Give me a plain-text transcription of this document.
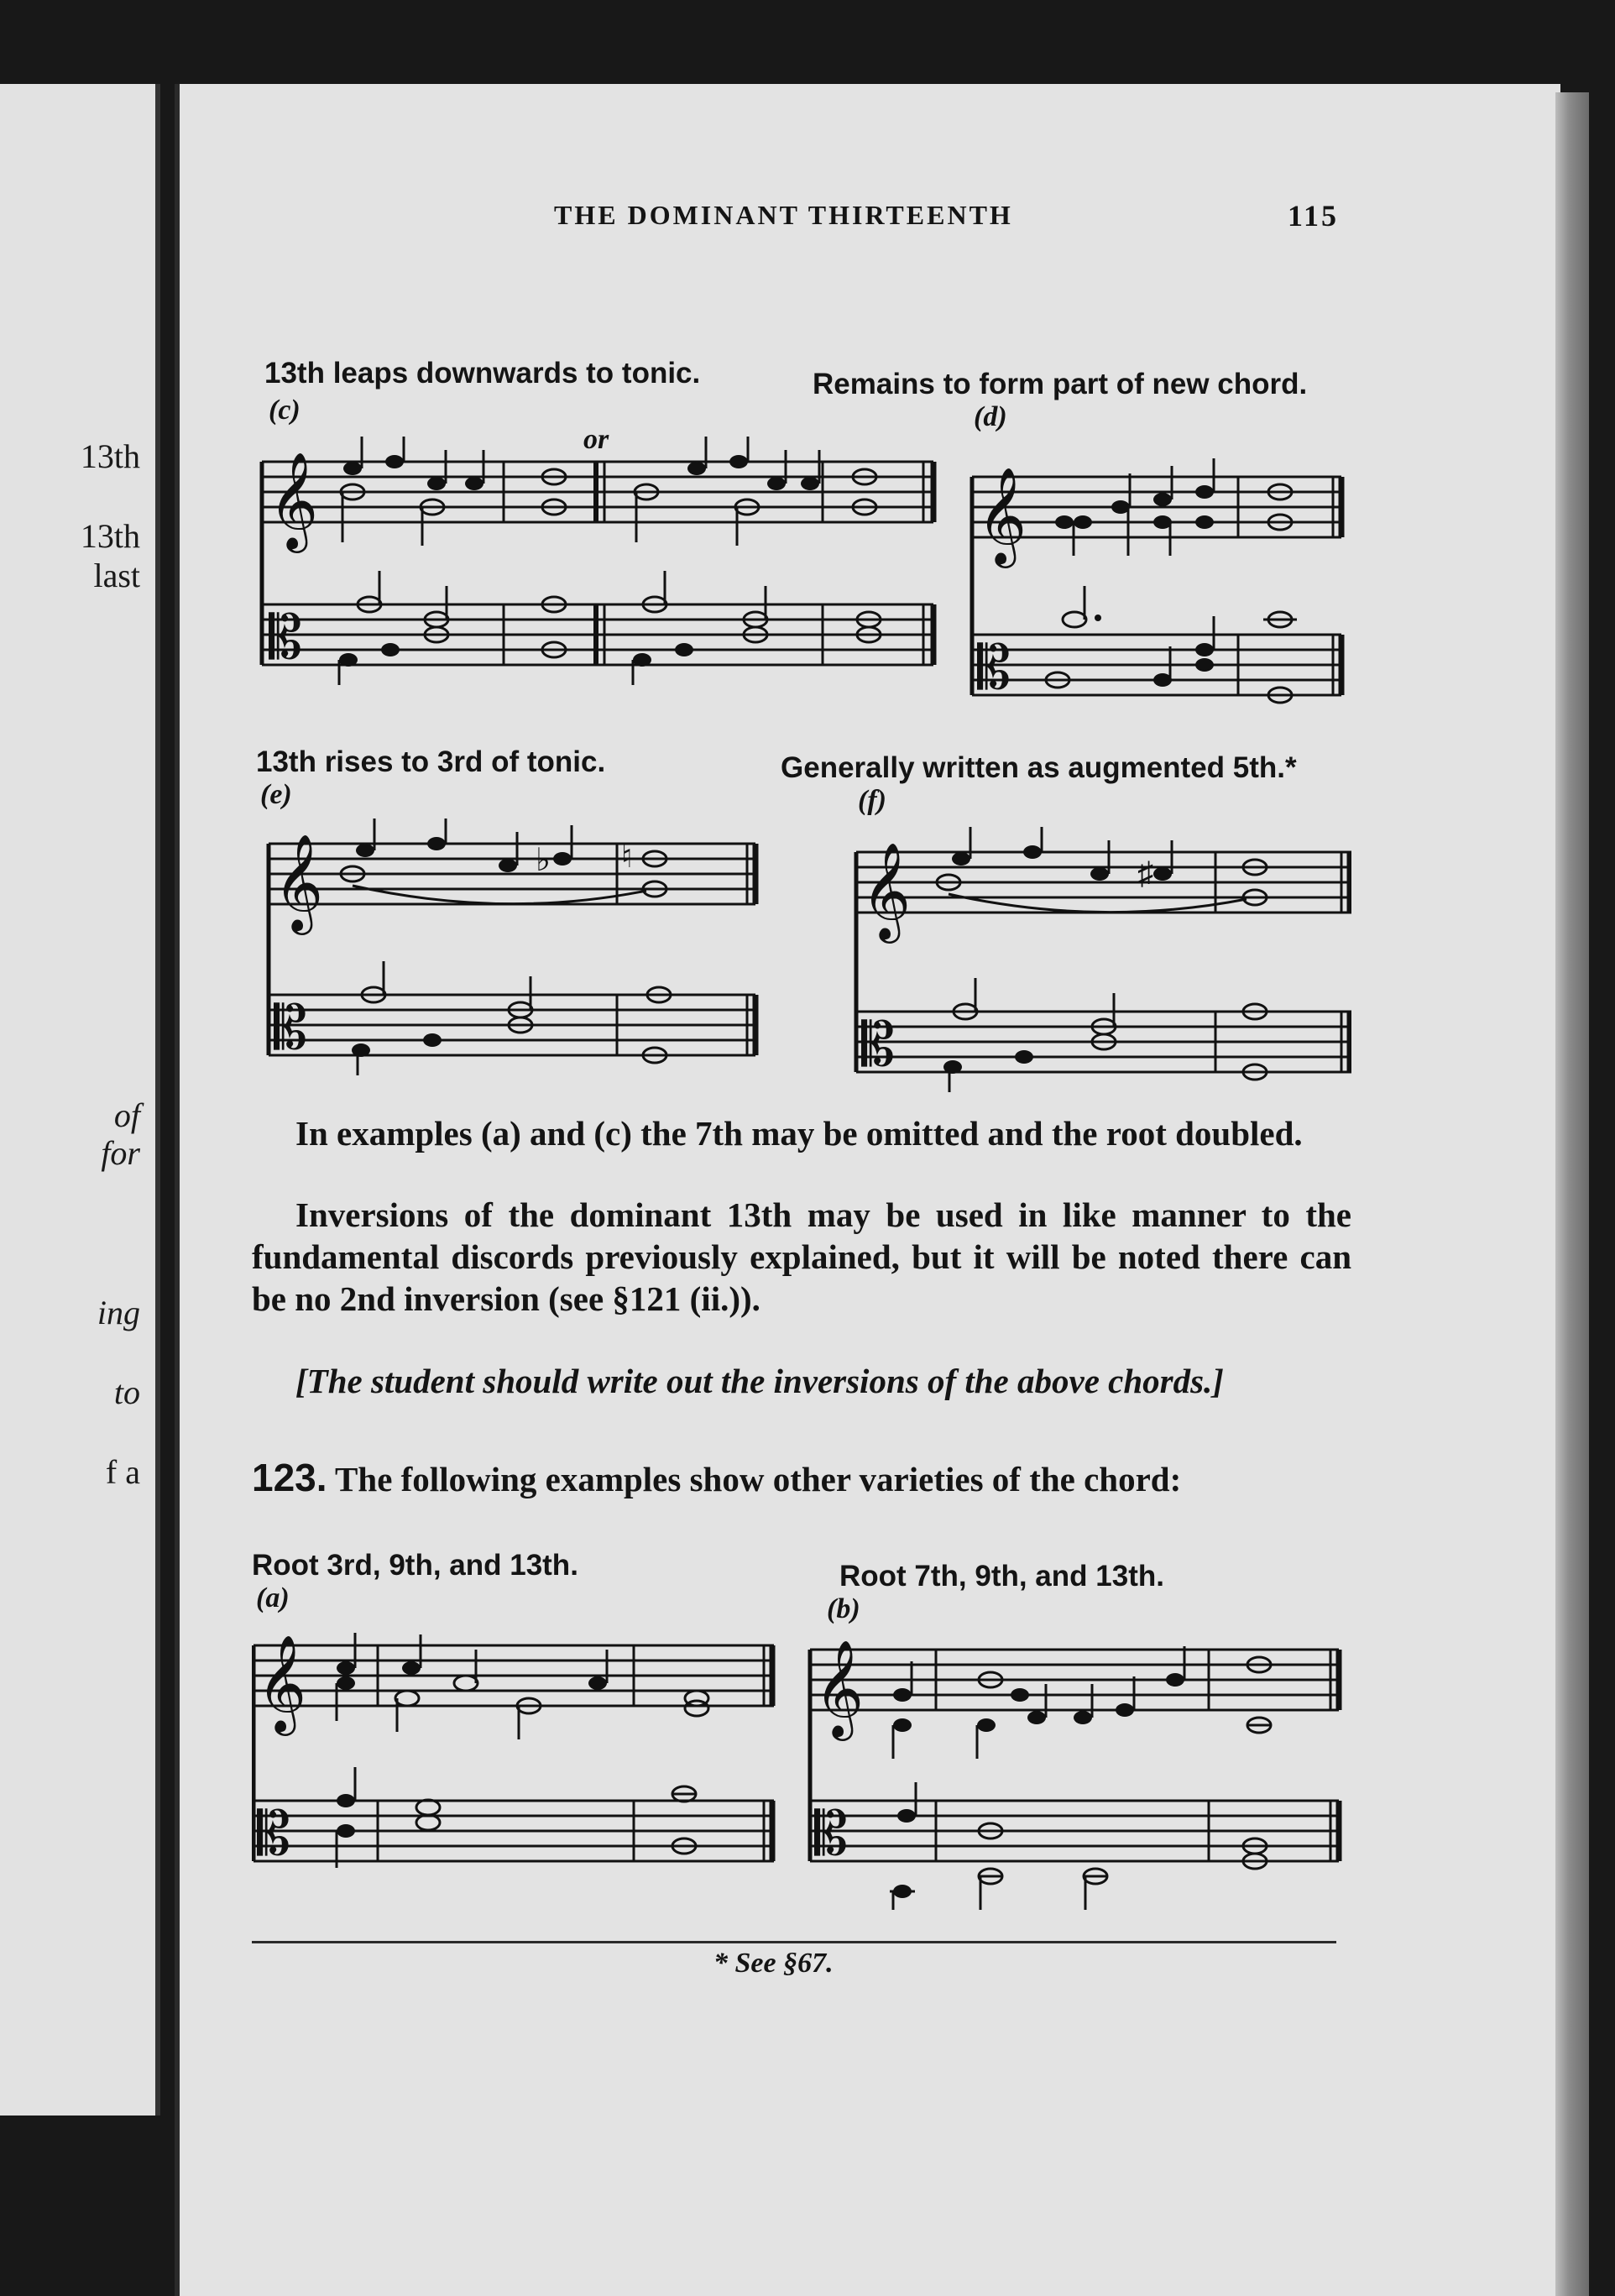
13th
13th
last
of
for
ing
to
f a
THE DOMINANT THIRTEENTH	115
13th leaps downwards to tonic.
(c)
or
𝄞
𝄡
Remains to form part of new chord.
(d)
𝄞
𝄡
13th rises to 3rd of tonic.
(e)
𝄞
𝄡
♭ ♮
Generally written as augmented 5th.*
(f)
𝄞
𝄡
♯
In examples (a) and (c) the 7th may be omitted and the root doubled.
Inversions of the dominant 13th may be used in like manner to the fundamental discords previously explained, but it will be noted there can be no 2nd inversion (see §121 (ii.)).
[The student should write out the inversions of the above chords.]
123. The following examples show other varieties of the chord:
Root 3rd, 9th, and 13th.
(a)
𝄞
𝄡
Root 7th, 9th, and 13th.
(b)
𝄞
𝄡
* See §67.
